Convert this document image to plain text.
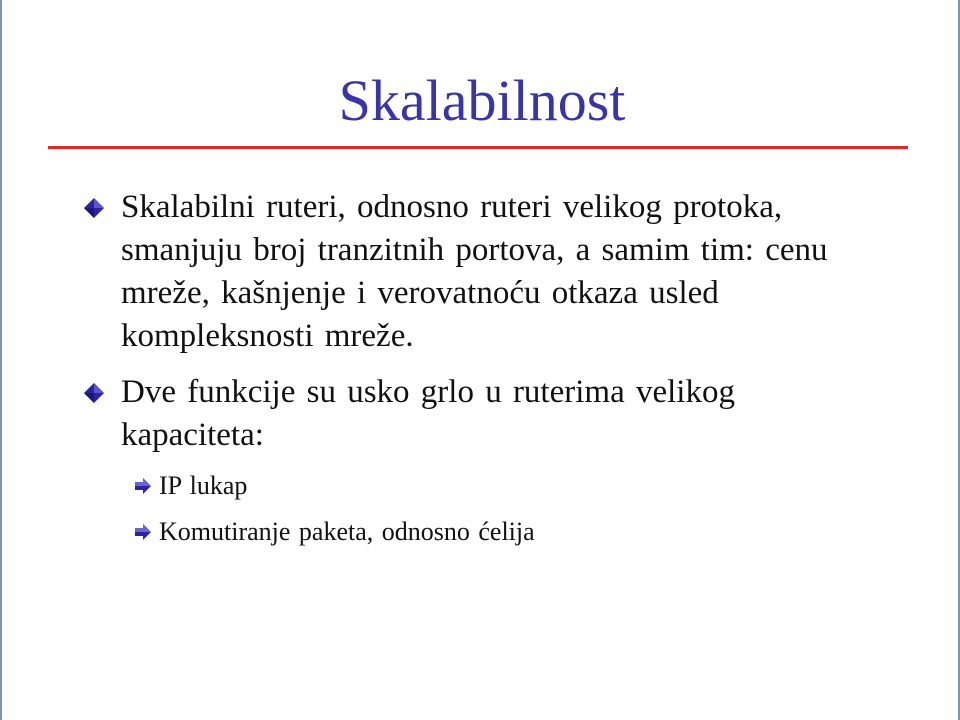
Skalabilnost
Skalabilni ruteri, odnosno ruteri velikog protoka, smanjuju broj tranzitnih portova, a samim tim: cenu mreže, kašnjenje i verovatnoću otkaza usled kompleksnosti mreže.
Dve funkcije su usko grlo u ruterima velikog kapaciteta:
IP lukap
Komutiranje paketa, odnosno ćelija
